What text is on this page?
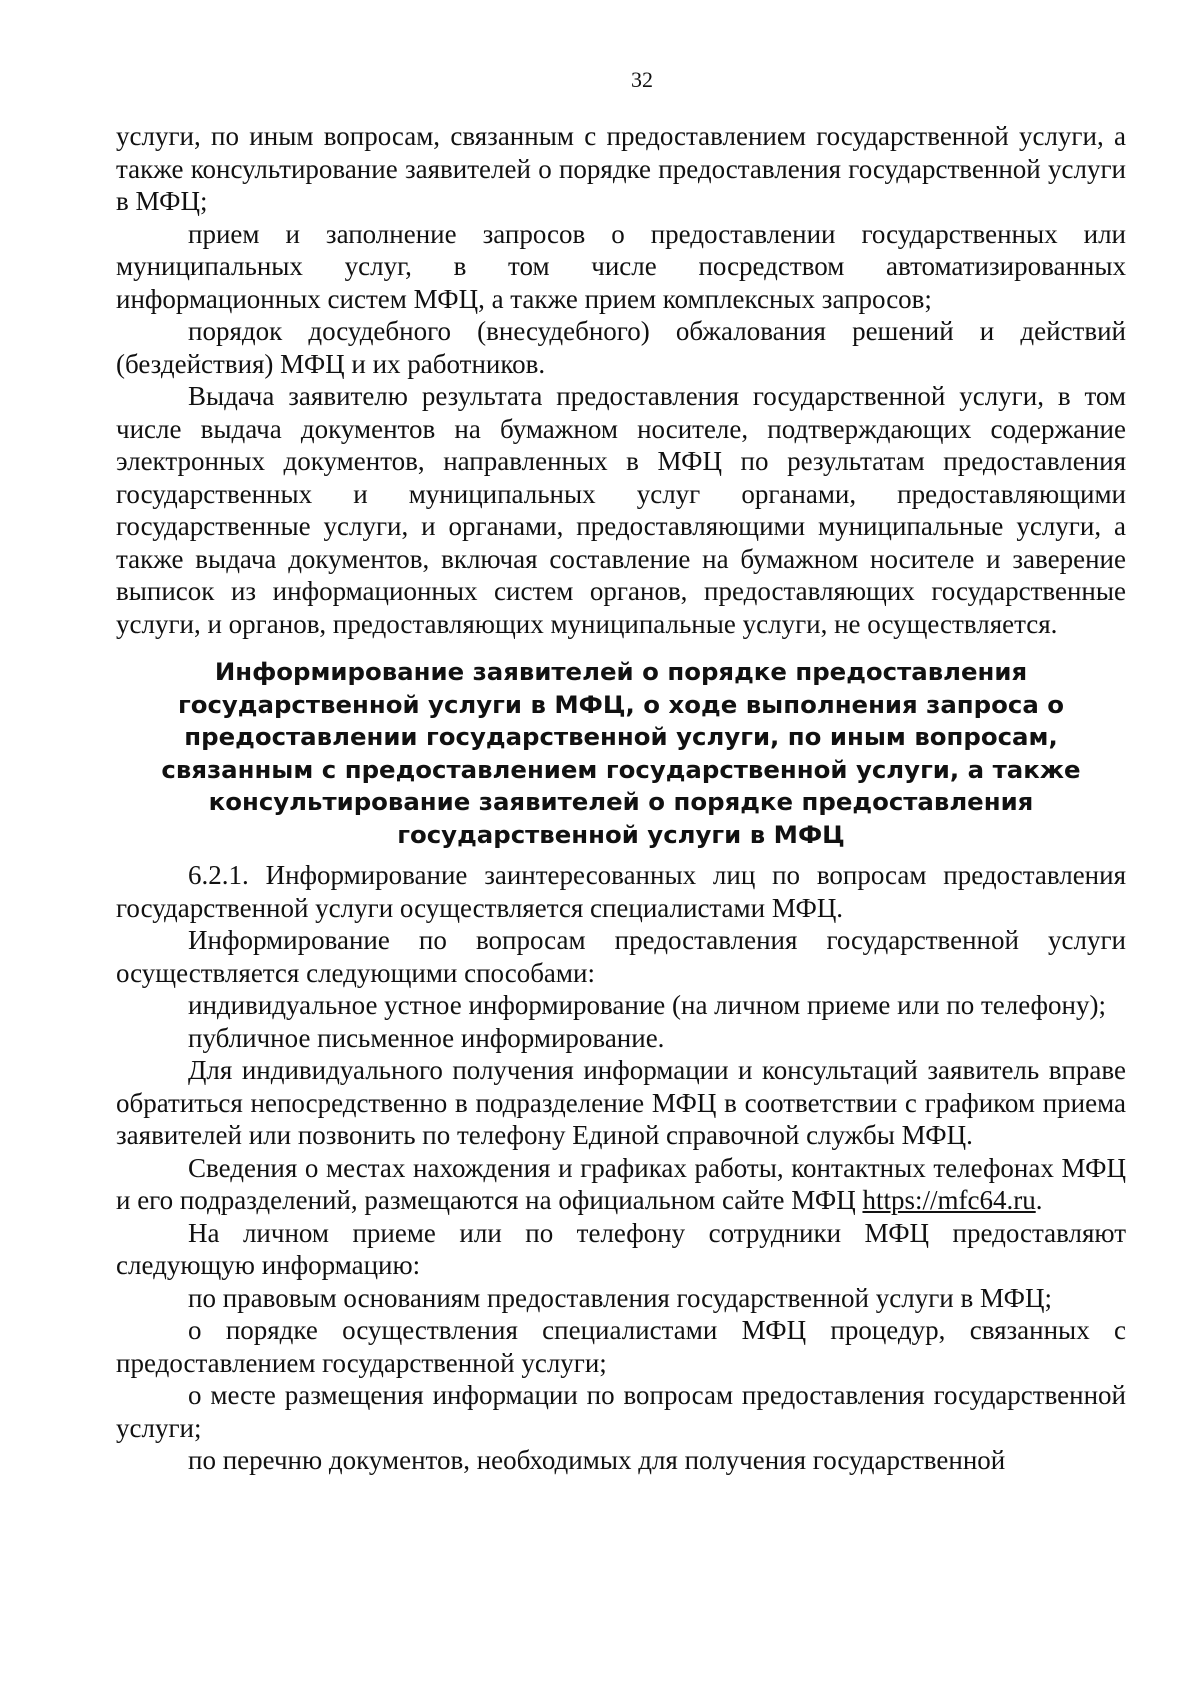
32

услуги, по иным вопросам, связанным с предоставлением государственной услуги, а также консультирование заявителей о порядке предоставления государственной услуги в МФЦ;

прием и заполнение запросов о предоставлении государственных или муниципальных услуг, в том числе посредством автоматизированных информационных систем МФЦ, а также прием комплексных запросов;

порядок досудебного (внесудебного) обжалования решений и действий (бездействия) МФЦ и их работников.

Выдача заявителю результата предоставления государственной услуги, в том числе выдача документов на бумажном носителе, подтверждающих содержание электронных документов, направленных в МФЦ по результатам предоставления государственных и муниципальных услуг органами, предоставляющими государственные услуги, и органами, предоставляющими муниципальные услуги, а также выдача документов, включая составление на бумажном носителе и заверение выписок из информационных систем органов, предоставляющих государственные услуги, и органов, предоставляющих муниципальные услуги, не осуществляется.

Информирование заявителей о порядке предоставления государственной услуги в МФЦ, о ходе выполнения запроса о предоставлении государственной услуги, по иным вопросам, связанным с предоставлением государственной услуги, а также консультирование заявителей о порядке предоставления государственной услуги в МФЦ

6.2.1. Информирование заинтересованных лиц по вопросам предоставления государственной услуги осуществляется специалистами МФЦ.

Информирование по вопросам предоставления государственной услуги осуществляется следующими способами:

индивидуальное устное информирование (на личном приеме или по телефону);

публичное письменное информирование.

Для индивидуального получения информации и консультаций заявитель вправе обратиться непосредственно в подразделение МФЦ в соответствии с графиком приема заявителей или позвонить по телефону Единой справочной службы МФЦ.

Сведения о местах нахождения и графиках работы, контактных телефонах МФЦ и его подразделений, размещаются на официальном сайте МФЦ https://mfc64.ru.

На личном приеме или по телефону сотрудники МФЦ предоставляют следующую информацию:

по правовым основаниям предоставления государственной услуги в МФЦ;

о порядке осуществления специалистами МФЦ процедур, связанных с предоставлением государственной услуги;

о месте размещения информации по вопросам предоставления государственной услуги;

по перечню документов, необходимых для получения государственной
